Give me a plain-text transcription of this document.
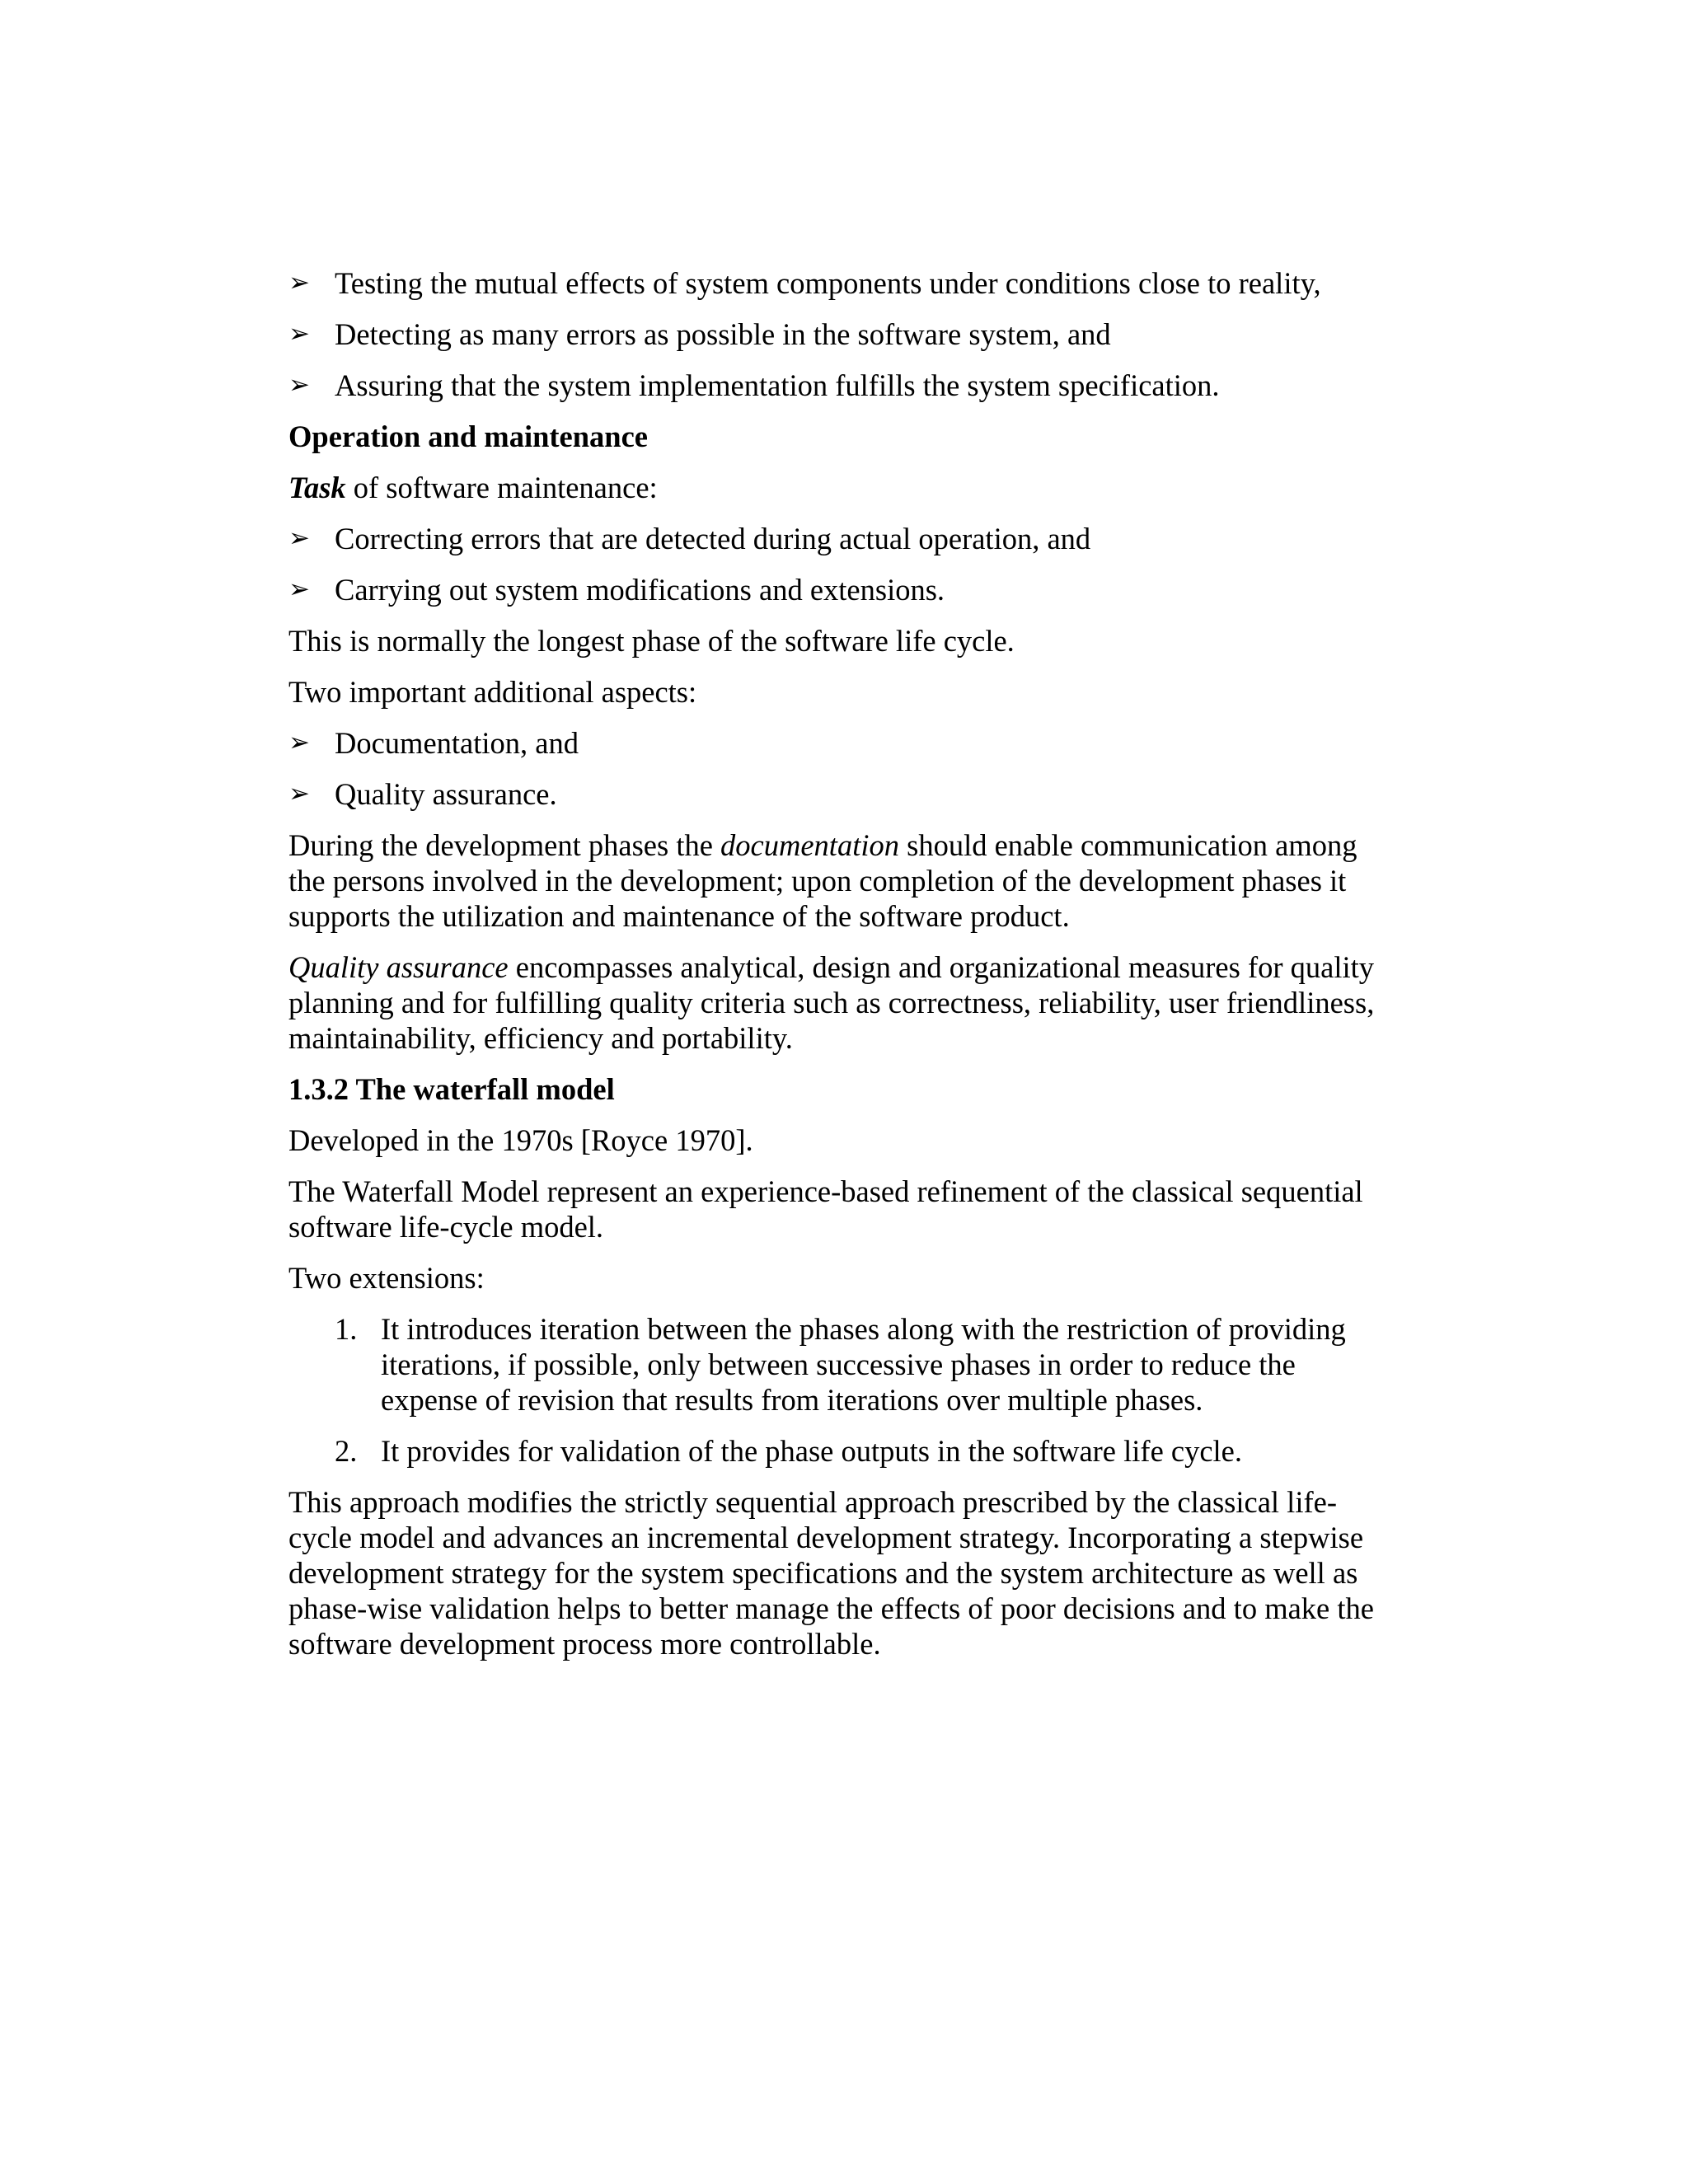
➢ Testing the mutual effects of system components under conditions close to reality,
➢ Detecting as many errors as possible in the software system, and
➢ Assuring that the system implementation fulfills the system specification.
Operation and maintenance
Task of software maintenance:
➢ Correcting errors that are detected during actual operation, and
➢ Carrying out system modifications and extensions.
This is normally the longest phase of the software life cycle.
Two important additional aspects:
➢ Documentation, and
➢ Quality assurance.
During the development phases the documentation should enable communication among the persons involved in the development; upon completion of the development phases it supports the utilization and maintenance of the software product.
Quality assurance encompasses analytical, design and organizational measures for quality planning and for fulfilling quality criteria such as correctness, reliability, user friendliness, maintainability, efficiency and portability.
1.3.2 The waterfall model
Developed in the 1970s [Royce 1970].
The Waterfall Model represent an experience-based refinement of the classical sequential software life-cycle model.
Two extensions:
1. It introduces iteration between the phases along with the restriction of providing iterations, if possible, only between successive phases in order to reduce the expense of revision that results from iterations over multiple phases.
2. It provides for validation of the phase outputs in the software life cycle.
This approach modifies the strictly sequential approach prescribed by the classical life-cycle model and advances an incremental development strategy. Incorporating a stepwise development strategy for the system specifications and the system architecture as well as phase-wise validation helps to better manage the effects of poor decisions and to make the software development process more controllable.
